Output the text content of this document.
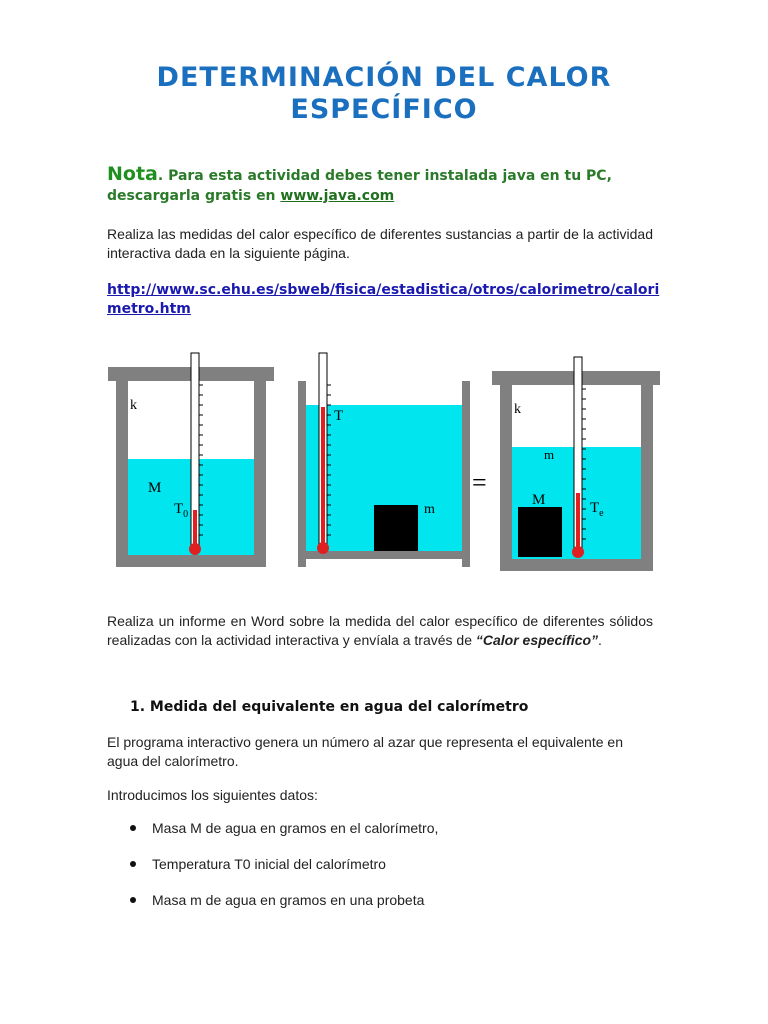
DETERMINACIÓN DEL CALOR
ESPECÍFICO
Nota. Para esta actividad debes tener instalada java en tu PC, descargarla gratis en www.java.com
Realiza las medidas del calor específico de diferentes sustancias a partir de la actividad interactiva dada en la siguiente página.
http://www.sc.ehu.es/sbweb/fisica/estadistica/otros/calorimetro/calorimetro.htm
k
M
$T_0$
T
m
=
k
m
M	$T_e$
Realiza un informe en Word sobre la medida del calor específico de diferentes sólidos realizadas con la actividad interactiva y envíala a través de “Calor específico”.
1. Medida del equivalente en agua del calorímetro
El programa interactivo genera un número al azar que representa el equivalente en agua del calorímetro.
Introducimos los siguientes datos:
Masa M de agua en gramos en el calorímetro,
Temperatura T0 inicial del calorímetro
Masa m de agua en gramos en una probeta
